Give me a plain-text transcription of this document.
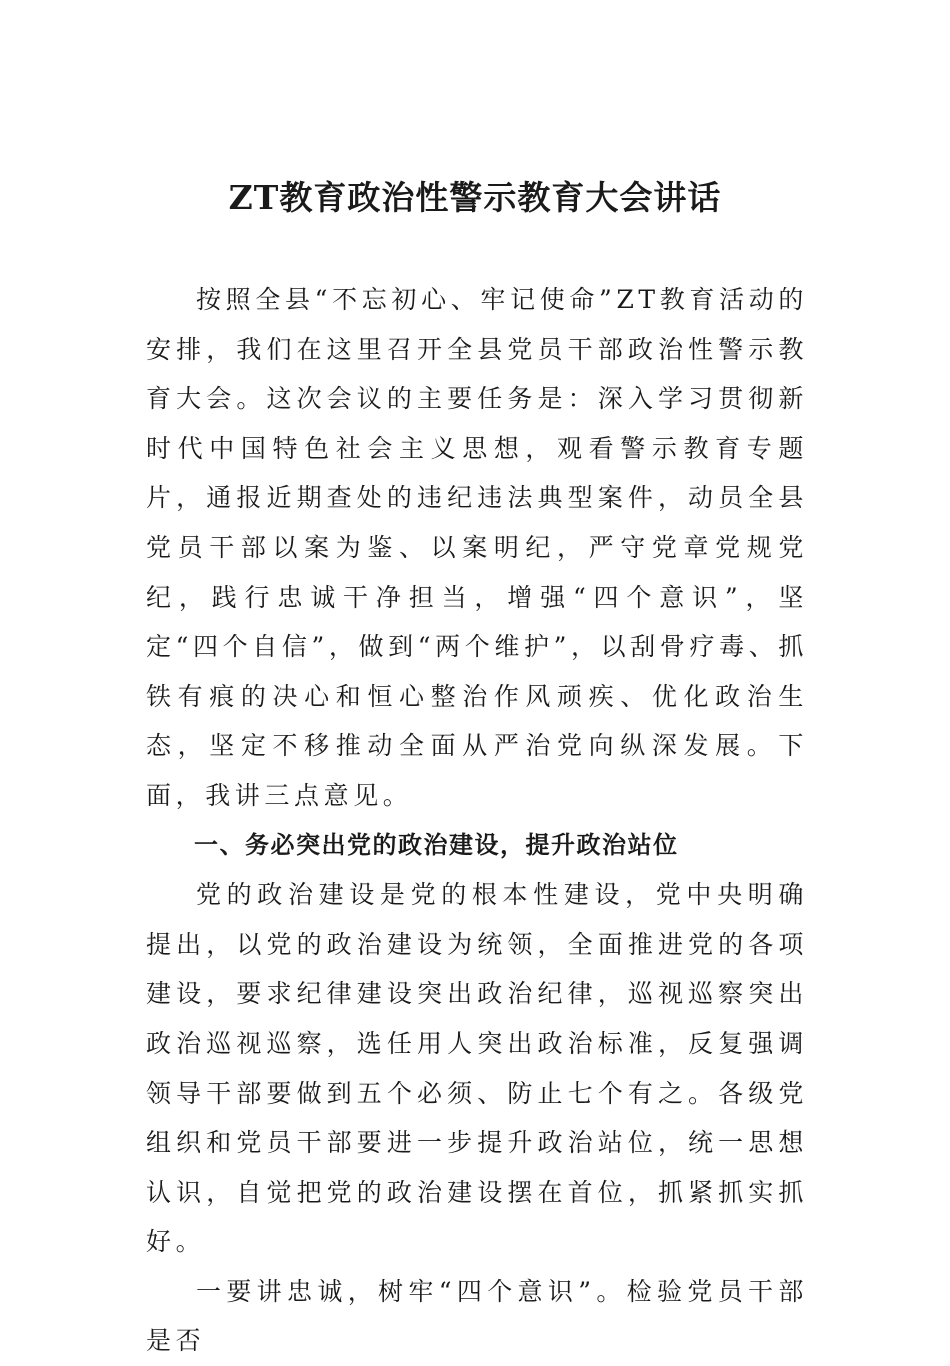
ZT教育政治性警示教育大会讲话

按照全县“不忘初心、牢记使命”ZT教育活动的安排，我们在这里召开全县党员干部政治性警示教育大会。这次会议的主要任务是：深入学习贯彻新时代中国特色社会主义思想，观看警示教育专题片，通报近期查处的违纪违法典型案件，动员全县党员干部以案为鉴、以案明纪，严守党章党规党纪，践行忠诚干净担当，增强“四个意识”，坚定“四个自信”，做到“两个维护”，以刮骨疗毒、抓铁有痕的决心和恒心整治作风顽疾、优化政治生态，坚定不移推动全面从严治党向纵深发展。下面，我讲三点意见。

一、务必突出党的政治建设，提升政治站位

党的政治建设是党的根本性建设，党中央明确提出，以党的政治建设为统领，全面推进党的各项建设，要求纪律建设突出政治纪律，巡视巡察突出政治巡视巡察，选任用人突出政治标准，反复强调领导干部要做到五个必须、防止七个有之。各级党组织和党员干部要进一步提升政治站位，统一思想认识，自觉把党的政治建设摆在首位，抓紧抓实抓好。

一要讲忠诚，树牢“四个意识”。检验党员干部是否
